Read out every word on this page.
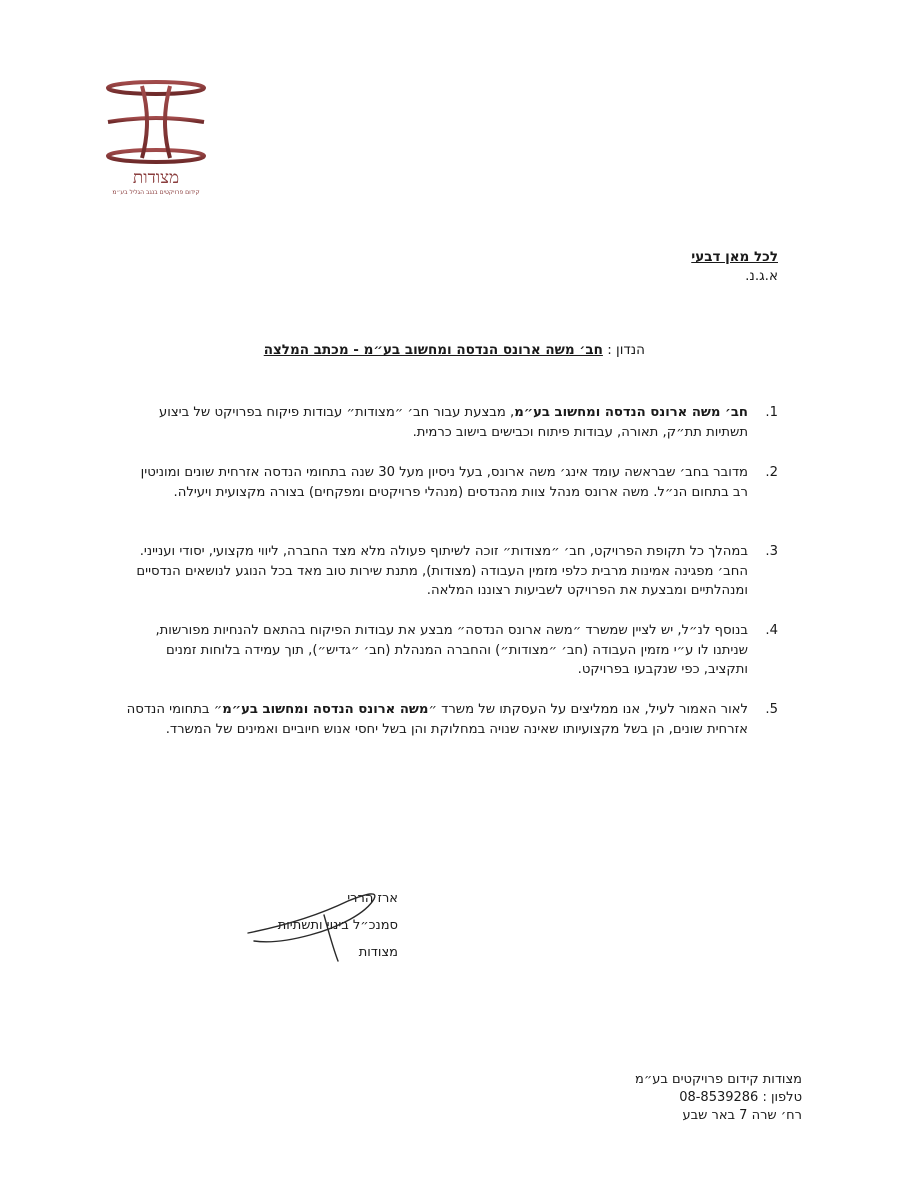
מצודות
קידום פרויקטים בנגב הגליל בע״מ
לכל מאן דבעי
א.ג.נ.
הנדון : חב׳ משה ארונס הנדסה ומחשוב בע״מ - מכתב המלצה

1.
חב׳ משה ארונס הנדסה ומחשוב בע״מ, מבצעת עבור חב׳ ״מצודות״ עבודות פיקוח בפרויקט של ביצוע תשתיות תת״ק, תאורה, עבודות פיתוח וכבישים בישוב כרמית.

2.
מדובר בחב׳ שבראשה עומד אינג׳ משה ארונס, בעל ניסיון מעל 30 שנה בתחומי הנדסה אזרחית שונים ומוניטין רב בתחום הנ״ל. משה ארונס מנהל צוות מהנדסים (מנהלי פרויקטים ומפקחים) בצורה מקצועית ויעילה.

3.
במהלך כל תקופת הפרויקט, חב׳ ״מצודות״ זוכה לשיתוף פעולה מלא מצד החברה, ליווי מקצועי, יסודי וענייני. החב׳ מפגינה אמינות מרבית כלפי מזמין העבודה (מצודות), מתנת שירות טוב מאד בכל הנוגע לנושאים הנדסיים ומנהלתיים ומבצעת את הפרויקט לשביעות רצוננו המלאה.

4.
בנוסף לנ״ל, יש לציין שמשרד ״משה ארונס הנדסה״ מבצע את עבודות הפיקוח בהתאם להנחיות מפורשות, שניתנו לו ע״י מזמין העבודה (חב׳ ״מצודות״) והחברה המנהלת (חב׳ ״גדיש״), תוך עמידה בלוחות זמנים ותקציב, כפי שנקבעו בפרויקט.

5.
לאור האמור לעיל, אנו ממליצים על העסקתו של משרד ״משה ארונס הנדסה ומחשוב בע״מ״ בתחומי הנדסה אזרחית שונים, הן בשל מקצועיותו שאינה שנויה במחלוקת והן בשל יחסי אנוש חיוביים ואמינים של המשרד.

ארז הררי
סמנכ״ל בינוי ותשתיות
מצודות
מצודות קידום פרויקטים בע״מ
טלפון : 08-8539286
רח׳ שרה 7 באר שבע
